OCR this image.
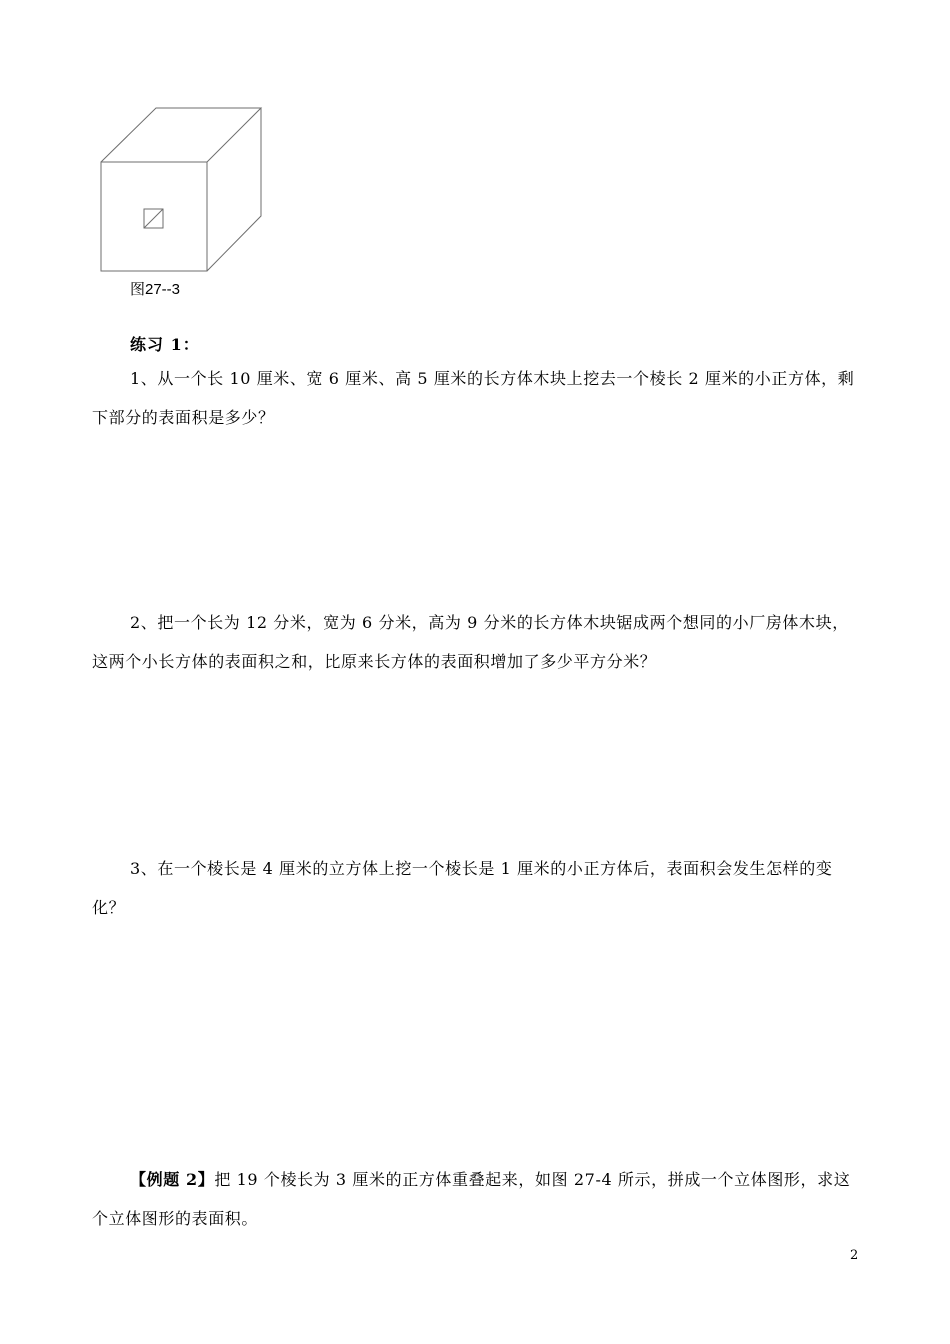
图27--3
练习 1：
1、从一个长 10 厘米、宽 6 厘米、高 5 厘米的长方体木块上挖去一个棱长 2 厘米的小正方体，剩下部分的表面积是多少？
2、把一个长为 12 分米，宽为 6 分米，高为 9 分米的长方体木块锯成两个想同的小厂房体木块，这两个小长方体的表面积之和，比原来长方体的表面积增加了多少平方分米？
3、在一个棱长是 4 厘米的立方体上挖一个棱长是 1 厘米的小正方体后，表面积会发生怎样的变化？
【例题 2】把 19 个棱长为 3 厘米的正方体重叠起来，如图 27-4 所示，拼成一个立体图形，求这个立体图形的表面积。
2
